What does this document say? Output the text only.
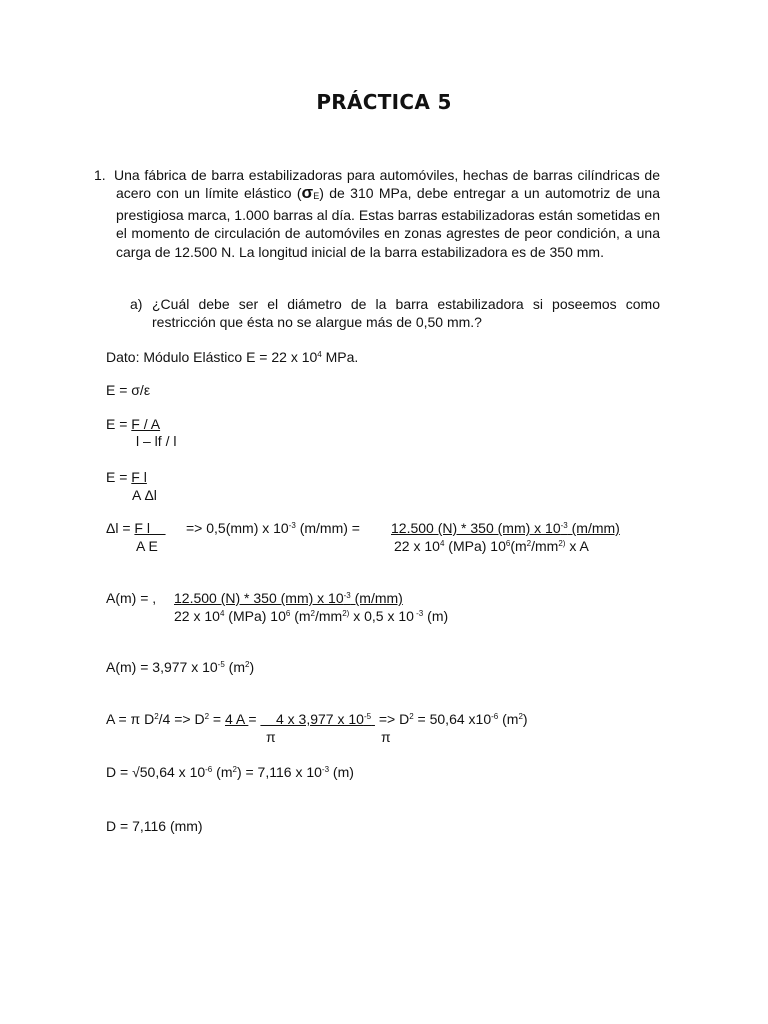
PRÁCTICA 5
1. Una fábrica de barra estabilizadoras para automóviles, hechas de barras cilíndricas de acero con un límite elástico (σE) de 310 MPa, debe entregar a un automotriz de una prestigiosa marca, 1.000 barras al día. Estas barras estabilizadoras están sometidas en el momento de circulación de automóviles en zonas agrestes de peor condición, a una carga de 12.500 N. La longitud inicial de la barra estabilizadora es de 350 mm.
a) ¿Cuál debe ser el diámetro de la barra estabilizadora si poseemos como restricción que ésta no se alargue más de 0,50 mm.?
Dato: Módulo Elástico E = 22 x $10^4$ MPa.
E = σ/ε
E = F / A
l – lf / l
E = F l
A Δl
Δl = F l
A E
=> 0,5(mm) x $10^{-3}$ (m/mm) = 12.500 (N) * 350 (mm) x $10^{-3}$ (m/mm)
22 x $10^4$ (MPa) $10^6(m^2/mm^{2)}$ x A
A(m) = , 12.500 (N) * 350 (mm) x $10^{-3}$ (m/mm)
22 x $10^4$ (MPa) $10^6$ ($m^2/mm^{2)}$ x 0,5 x 10 $^{-3}$ (m)
A(m) = 3,977 x $10^{-5}$ $(m^2)$
A = π $D^2/4 => D^2 = 4$ A =     4 x 3,977 x $10^{-5} => D^2 = 50,64$ $x10^{-6}$ $(m^2)$
π	π
D = √50,64 x $10^{-6}$ $(m^2) = 7,116$ x $10^{-3}$ (m)
D = 7,116 (mm)
